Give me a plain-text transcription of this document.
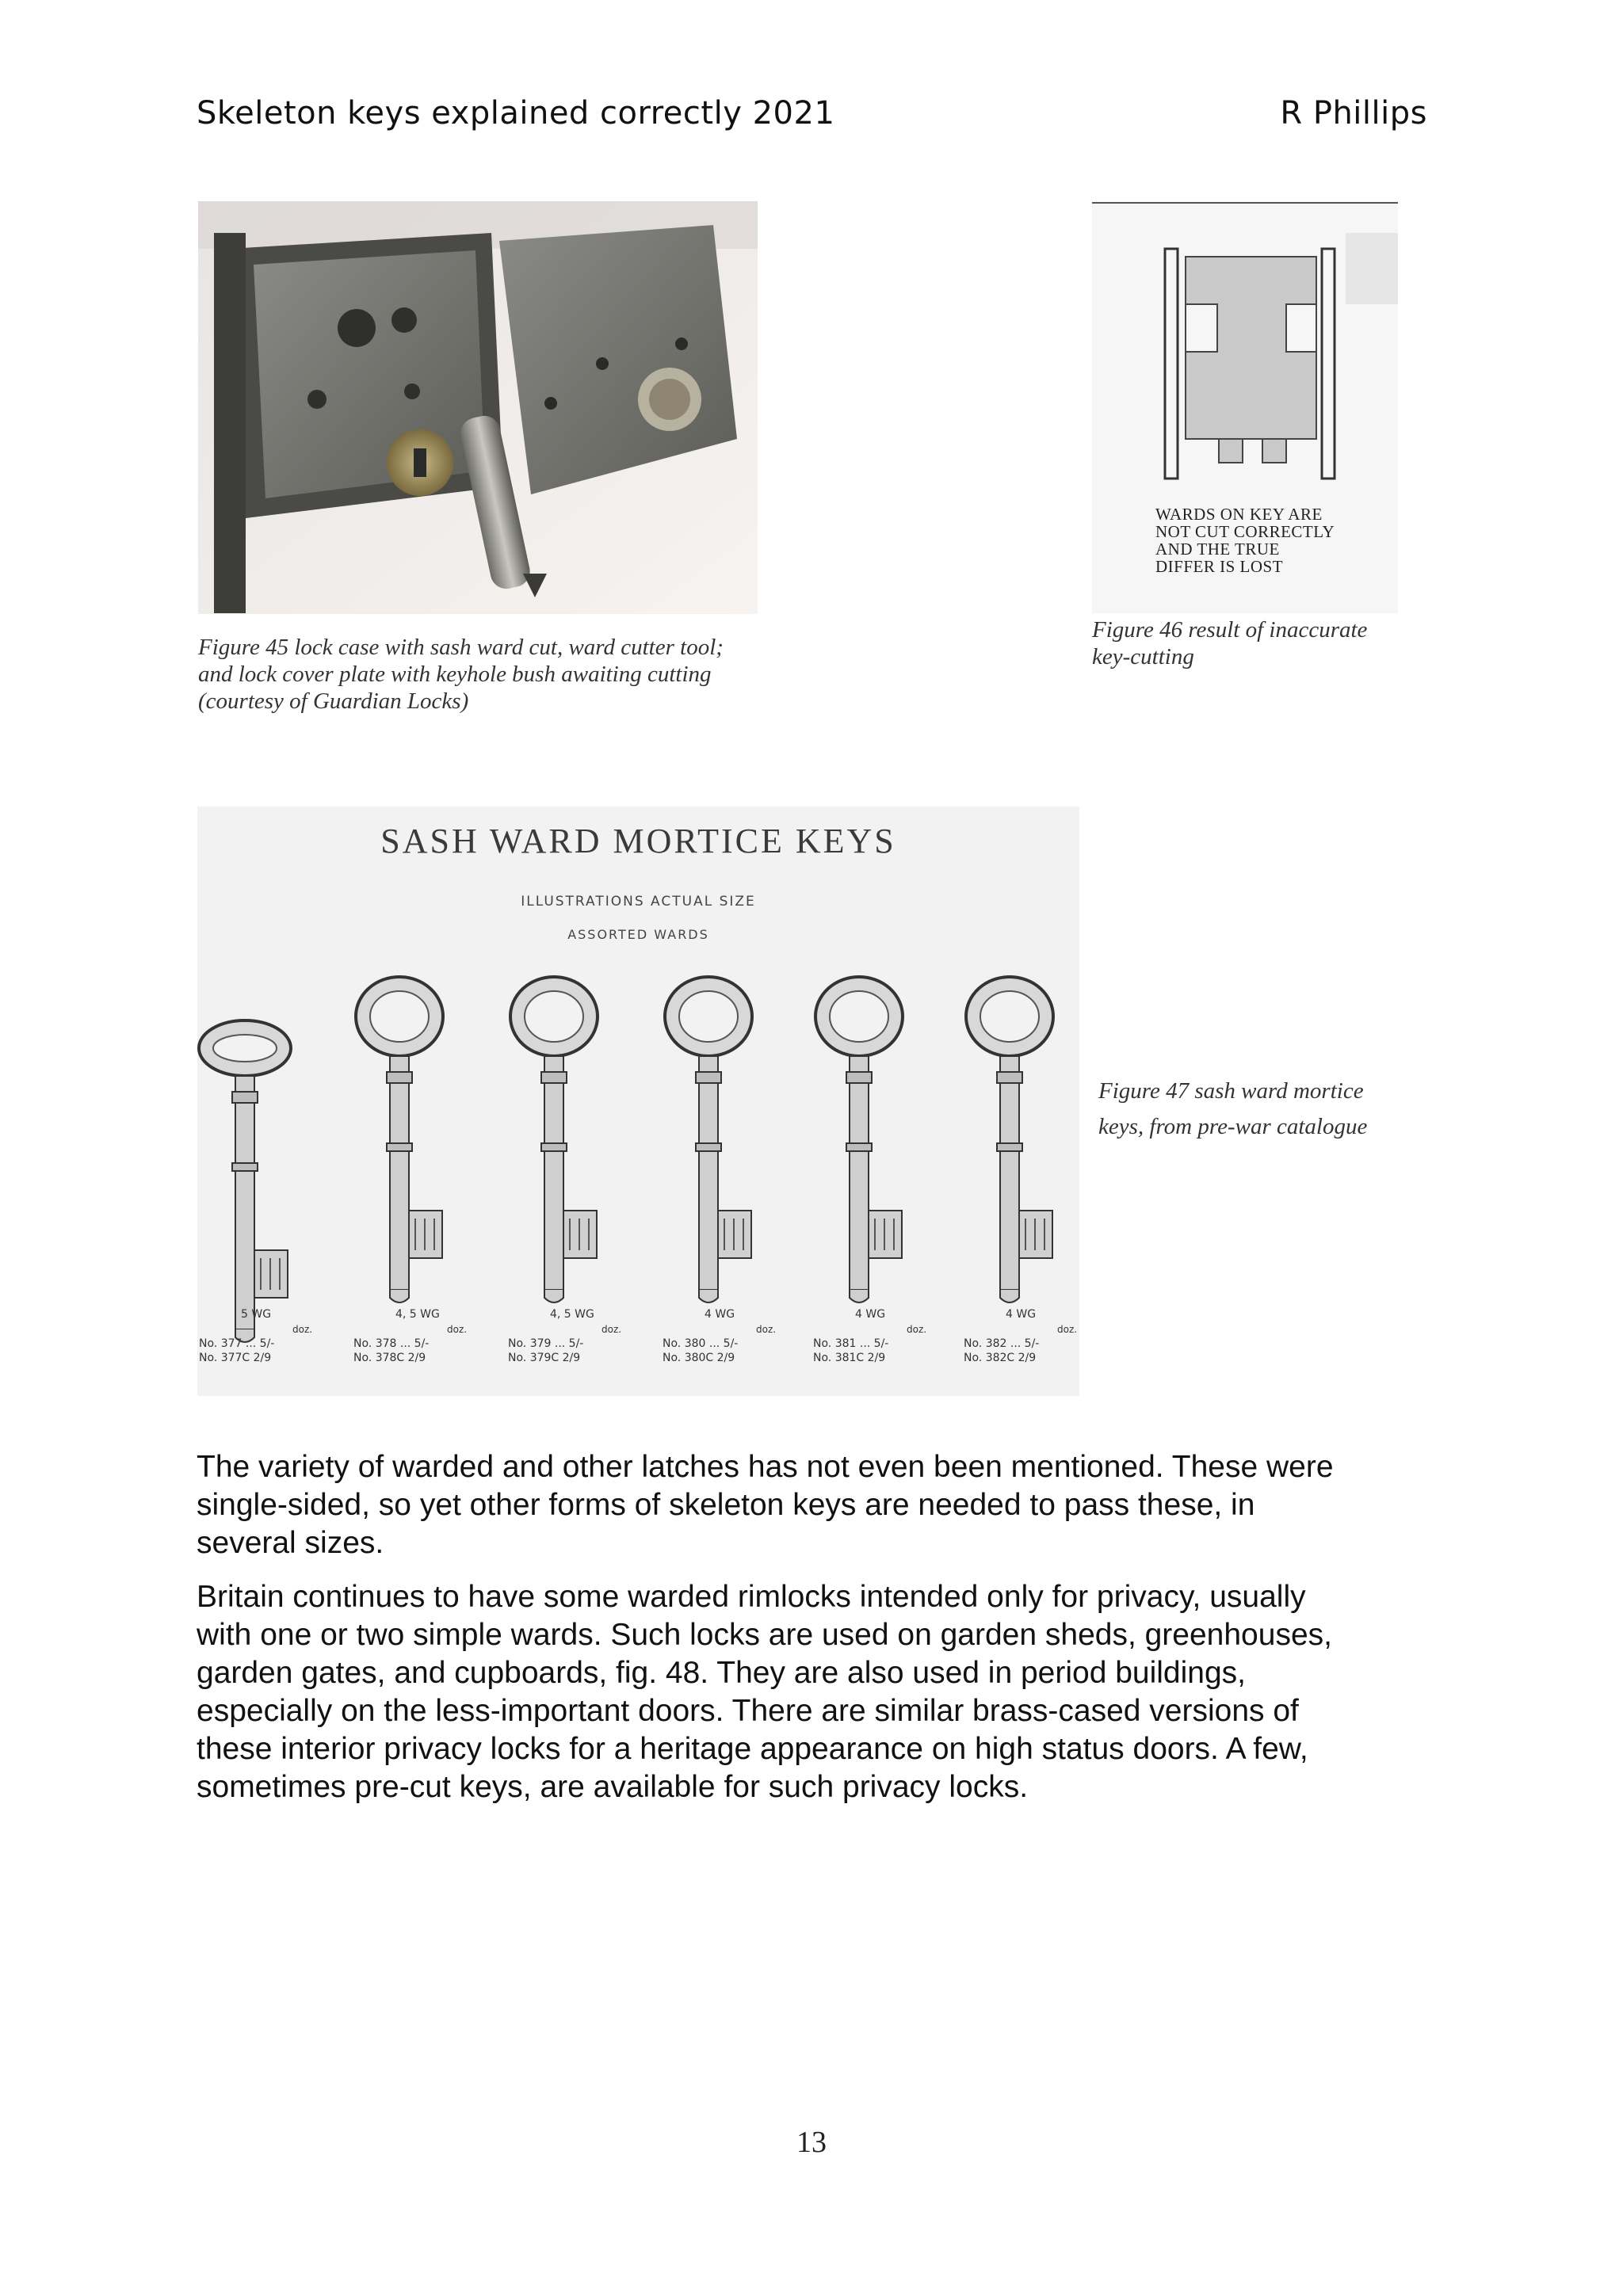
Skeleton keys explained correctly 2021	R Phillips
Figure 45 lock case with sash ward cut, ward cutter tool;
and lock cover plate with keyhole bush awaiting cutting
(courtesy of Guardian Locks)
WARDS ON KEY ARE
NOT CUT CORRECTLY
AND THE TRUE
DIFFER IS LOST
Figure 46 result of inaccurate
key-cutting
SASH WARD MORTICE KEYS
ILLUSTRATIONS ACTUAL SIZE
ASSORTED WARDS
5 WG
doz.
No. 377 ... 5/-
No. 377C 2/9
4, 5 WG
doz.
No. 378 ... 5/-
No. 378C 2/9
4, 5 WG
doz.
No. 379 ... 5/-
No. 379C 2/9
4 WG
doz.
No. 380 ... 5/-
No. 380C 2/9
4 WG
doz.
No. 381 ... 5/-
No. 381C 2/9
4 WG
doz.
No. 382 ... 5/-
No. 382C 2/9
Figure 47 sash ward mortice
keys, from pre-war catalogue
The variety of warded and other latches has not even been mentioned. These were
single-sided, so yet other forms of skeleton keys are needed to pass these, in
several sizes.
Britain continues to have some warded rimlocks intended only for privacy, usually
with one or two simple wards. Such locks are used on garden sheds, greenhouses,
garden gates, and cupboards, fig. 48. They are also used in period buildings,
especially on the less-important doors. There are similar brass-cased versions of
these interior privacy locks for a heritage appearance on high status doors. A few,
sometimes pre-cut keys, are available for such privacy locks.
13
